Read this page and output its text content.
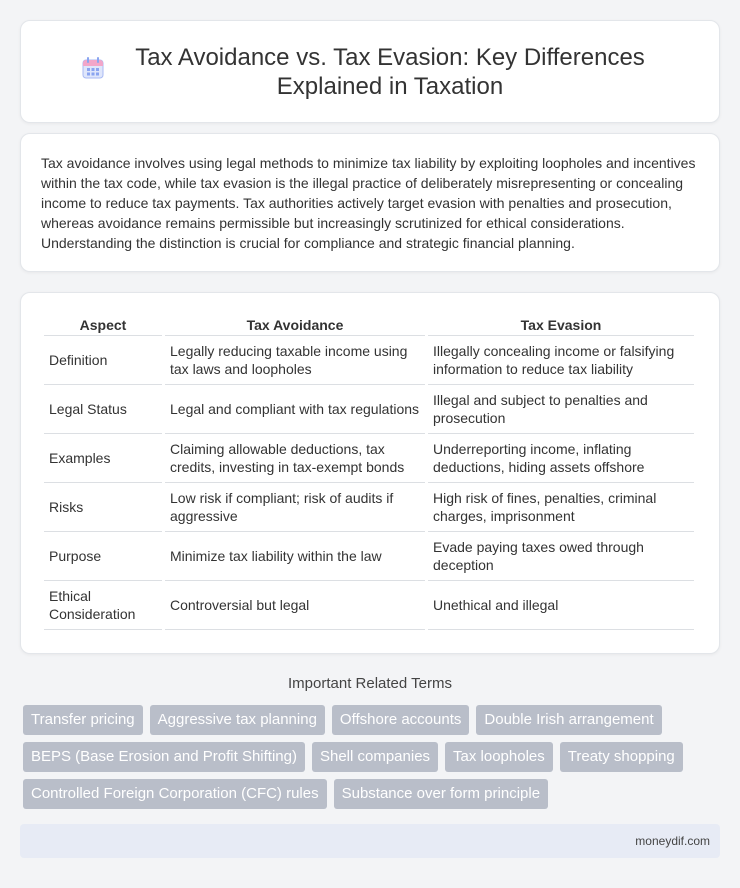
Tax Avoidance vs. Tax Evasion: Key Differences Explained in Taxation

Tax avoidance involves using legal methods to minimize tax liability by exploiting loopholes and incentives within the tax code, while tax evasion is the illegal practice of deliberately misrepresenting or concealing income to reduce tax payments. Tax authorities actively target evasion with penalties and prosecution, whereas avoidance remains permissible but increasingly scrutinized for ethical considerations. Understanding the distinction is crucial for compliance and strategic financial planning.

Aspect	Tax Avoidance	Tax Evasion
Definition	Legally reducing taxable income using tax laws and loopholes	Illegally concealing income or falsifying information to reduce tax liability
Legal Status	Legal and compliant with tax regulations	Illegal and subject to penalties and prosecution
Examples	Claiming allowable deductions, tax credits, investing in tax-exempt bonds	Underreporting income, inflating deductions, hiding assets offshore
Risks	Low risk if compliant; risk of audits if aggressive	High risk of fines, penalties, criminal charges, imprisonment
Purpose	Minimize tax liability within the law	Evade paying taxes owed through deception
Ethical Consideration	Controversial but legal	Unethical and illegal
Important Related Terms
Transfer pricing	Aggressive tax planning	Offshore accounts	Double Irish arrangement
BEPS (Base Erosion and Profit Shifting)	Shell companies	Tax loopholes	Treaty shopping
Controlled Foreign Corporation (CFC) rules	Substance over form principle
moneydif.com
